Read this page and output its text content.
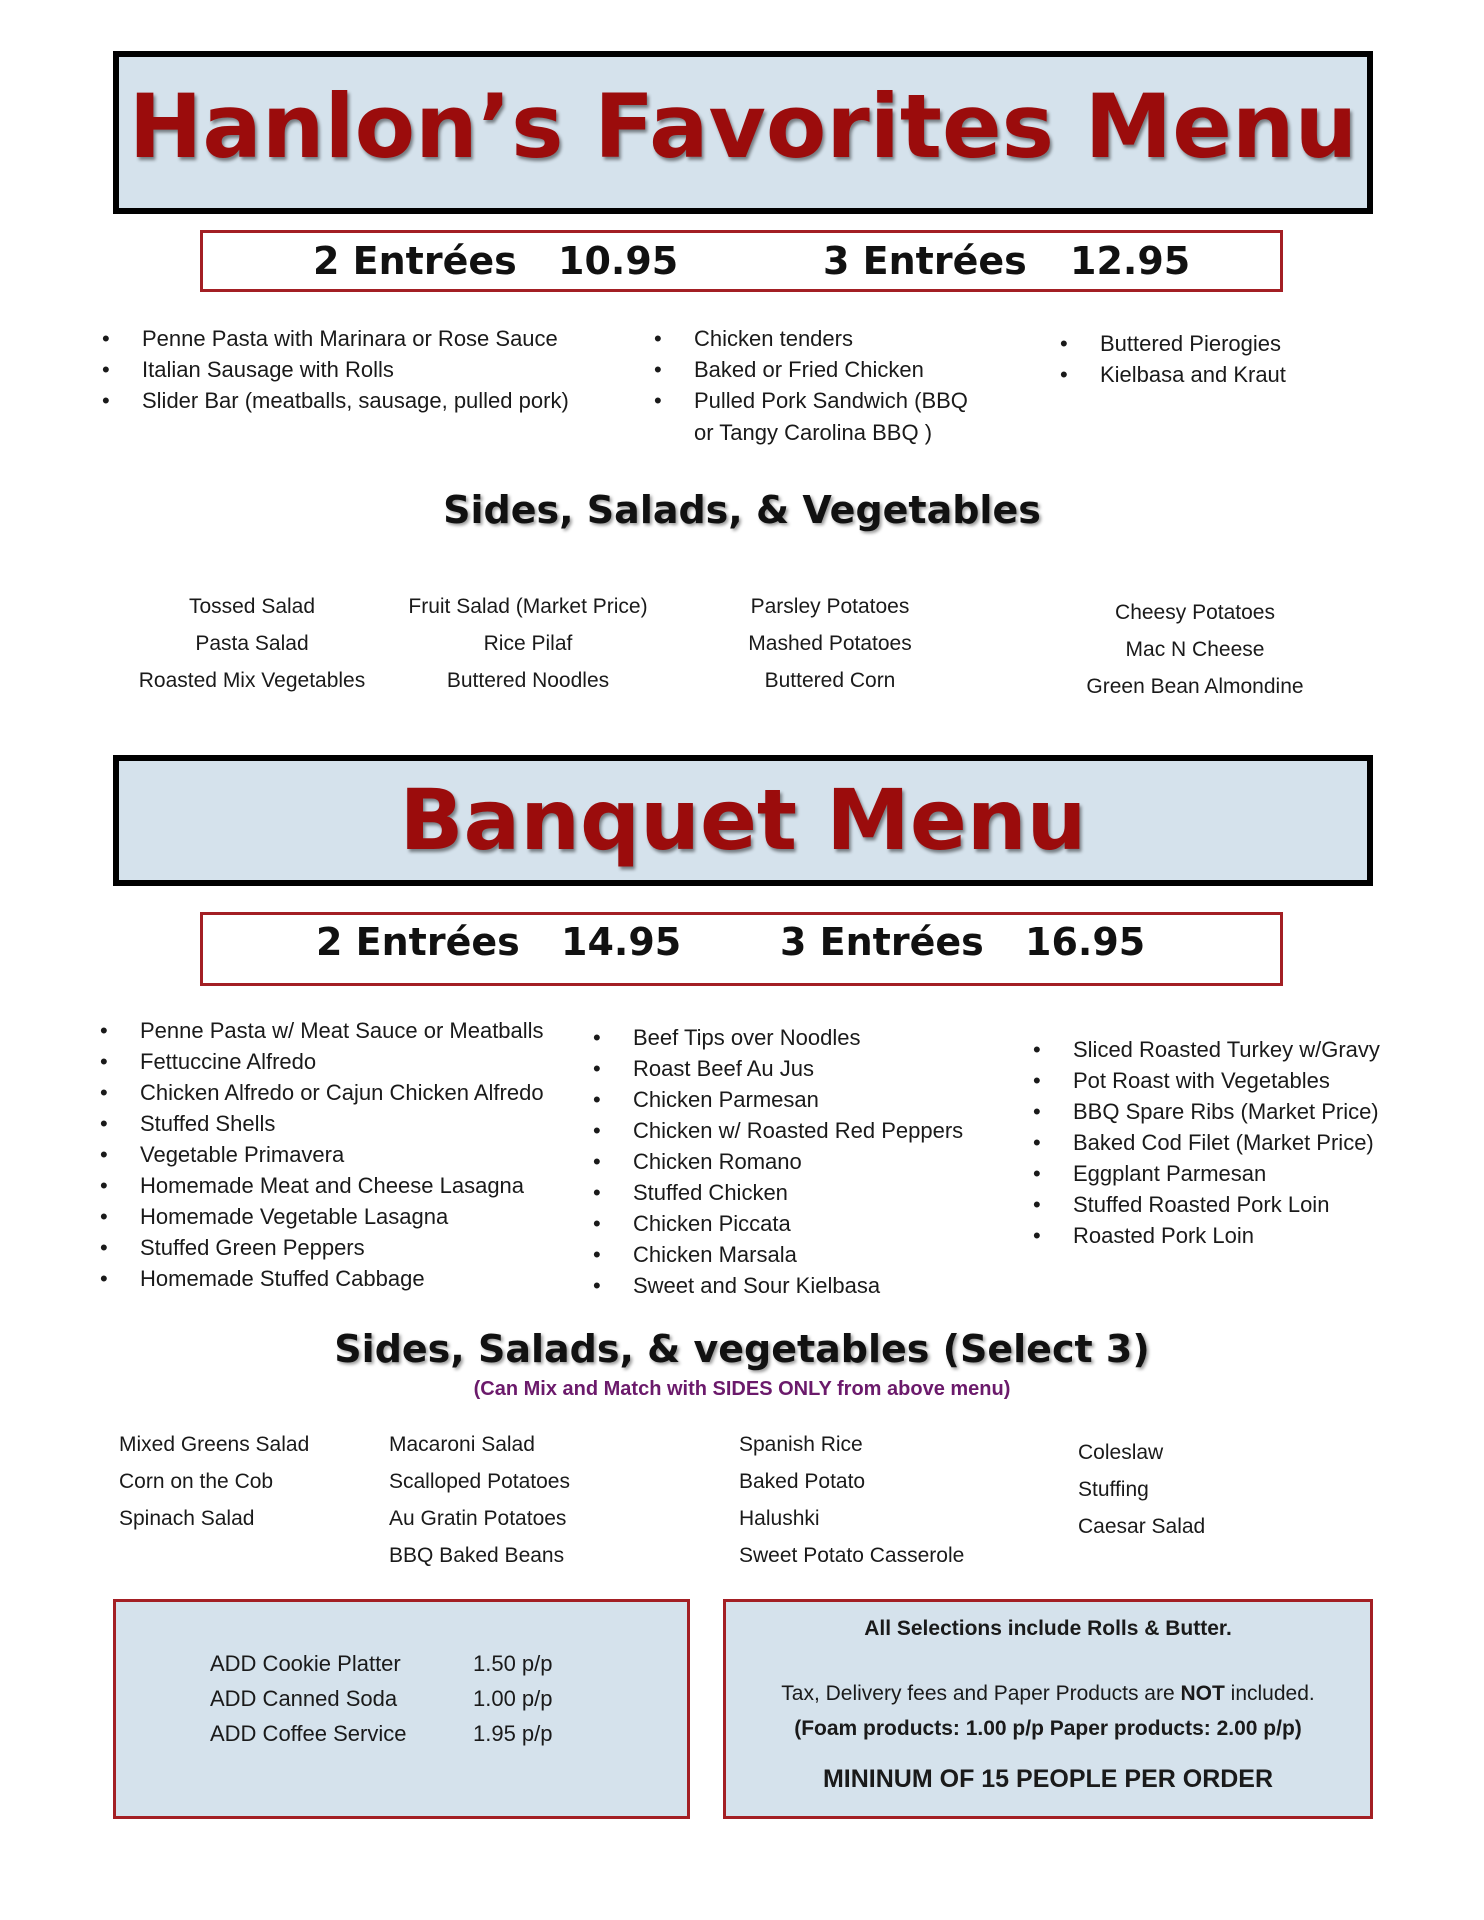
Hanlon’s Favorites Menu
2 Entrées 10.95	3 Entrées 12.95
• Penne Pasta with Marinara or Rose Sauce
• Italian Sausage with Rolls
• Slider Bar (meatballs, sausage, pulled pork)
• Chicken tenders
• Baked or Fried Chicken
• Pulled Pork Sandwich (BBQ
or Tangy Carolina BBQ )
• Buttered Pierogies
• Kielbasa and Kraut
Sides, Salads, & Vegetables
Tossed Salad
Pasta Salad
Roasted Mix Vegetables
Fruit Salad (Market Price)
Rice Pilaf
Buttered Noodles
Parsley Potatoes
Mashed Potatoes
Buttered Corn
Cheesy Potatoes
Mac N Cheese
Green Bean Almondine
Banquet Menu
2 Entrées 14.95	3 Entrées 16.95
• Penne Pasta w/ Meat Sauce or Meatballs
• Fettuccine Alfredo
• Chicken Alfredo or Cajun Chicken Alfredo
• Stuffed Shells
• Vegetable Primavera
• Homemade Meat and Cheese Lasagna
• Homemade Vegetable Lasagna
• Stuffed Green Peppers
• Homemade Stuffed Cabbage
• Beef Tips over Noodles
• Roast Beef Au Jus
• Chicken Parmesan
• Chicken w/ Roasted Red Peppers
• Chicken Romano
• Stuffed Chicken
• Chicken Piccata
• Chicken Marsala
• Sweet and Sour Kielbasa
• Sliced Roasted Turkey w/Gravy
• Pot Roast with Vegetables
• BBQ Spare Ribs (Market Price)
• Baked Cod Filet (Market Price)
• Eggplant Parmesan
• Stuffed Roasted Pork Loin
• Roasted Pork Loin
Sides, Salads, & vegetables (Select 3)
(Can Mix and Match with SIDES ONLY from above menu)
Mixed Greens Salad
Corn on the Cob
Spinach Salad
Macaroni Salad
Scalloped Potatoes
Au Gratin Potatoes
BBQ Baked Beans
Spanish Rice
Baked Potato
Halushki
Sweet Potato Casserole
Coleslaw
Stuffing
Caesar Salad
ADD Cookie Platter	1.50 p/p
ADD Canned Soda	1.00 p/p
ADD Coffee Service	1.95 p/p
All Selections include Rolls & Butter.
Tax, Delivery fees and Paper Products are NOT included.
(Foam products: 1.00 p/p Paper products: 2.00 p/p)
MININUM OF 15 PEOPLE PER ORDER
